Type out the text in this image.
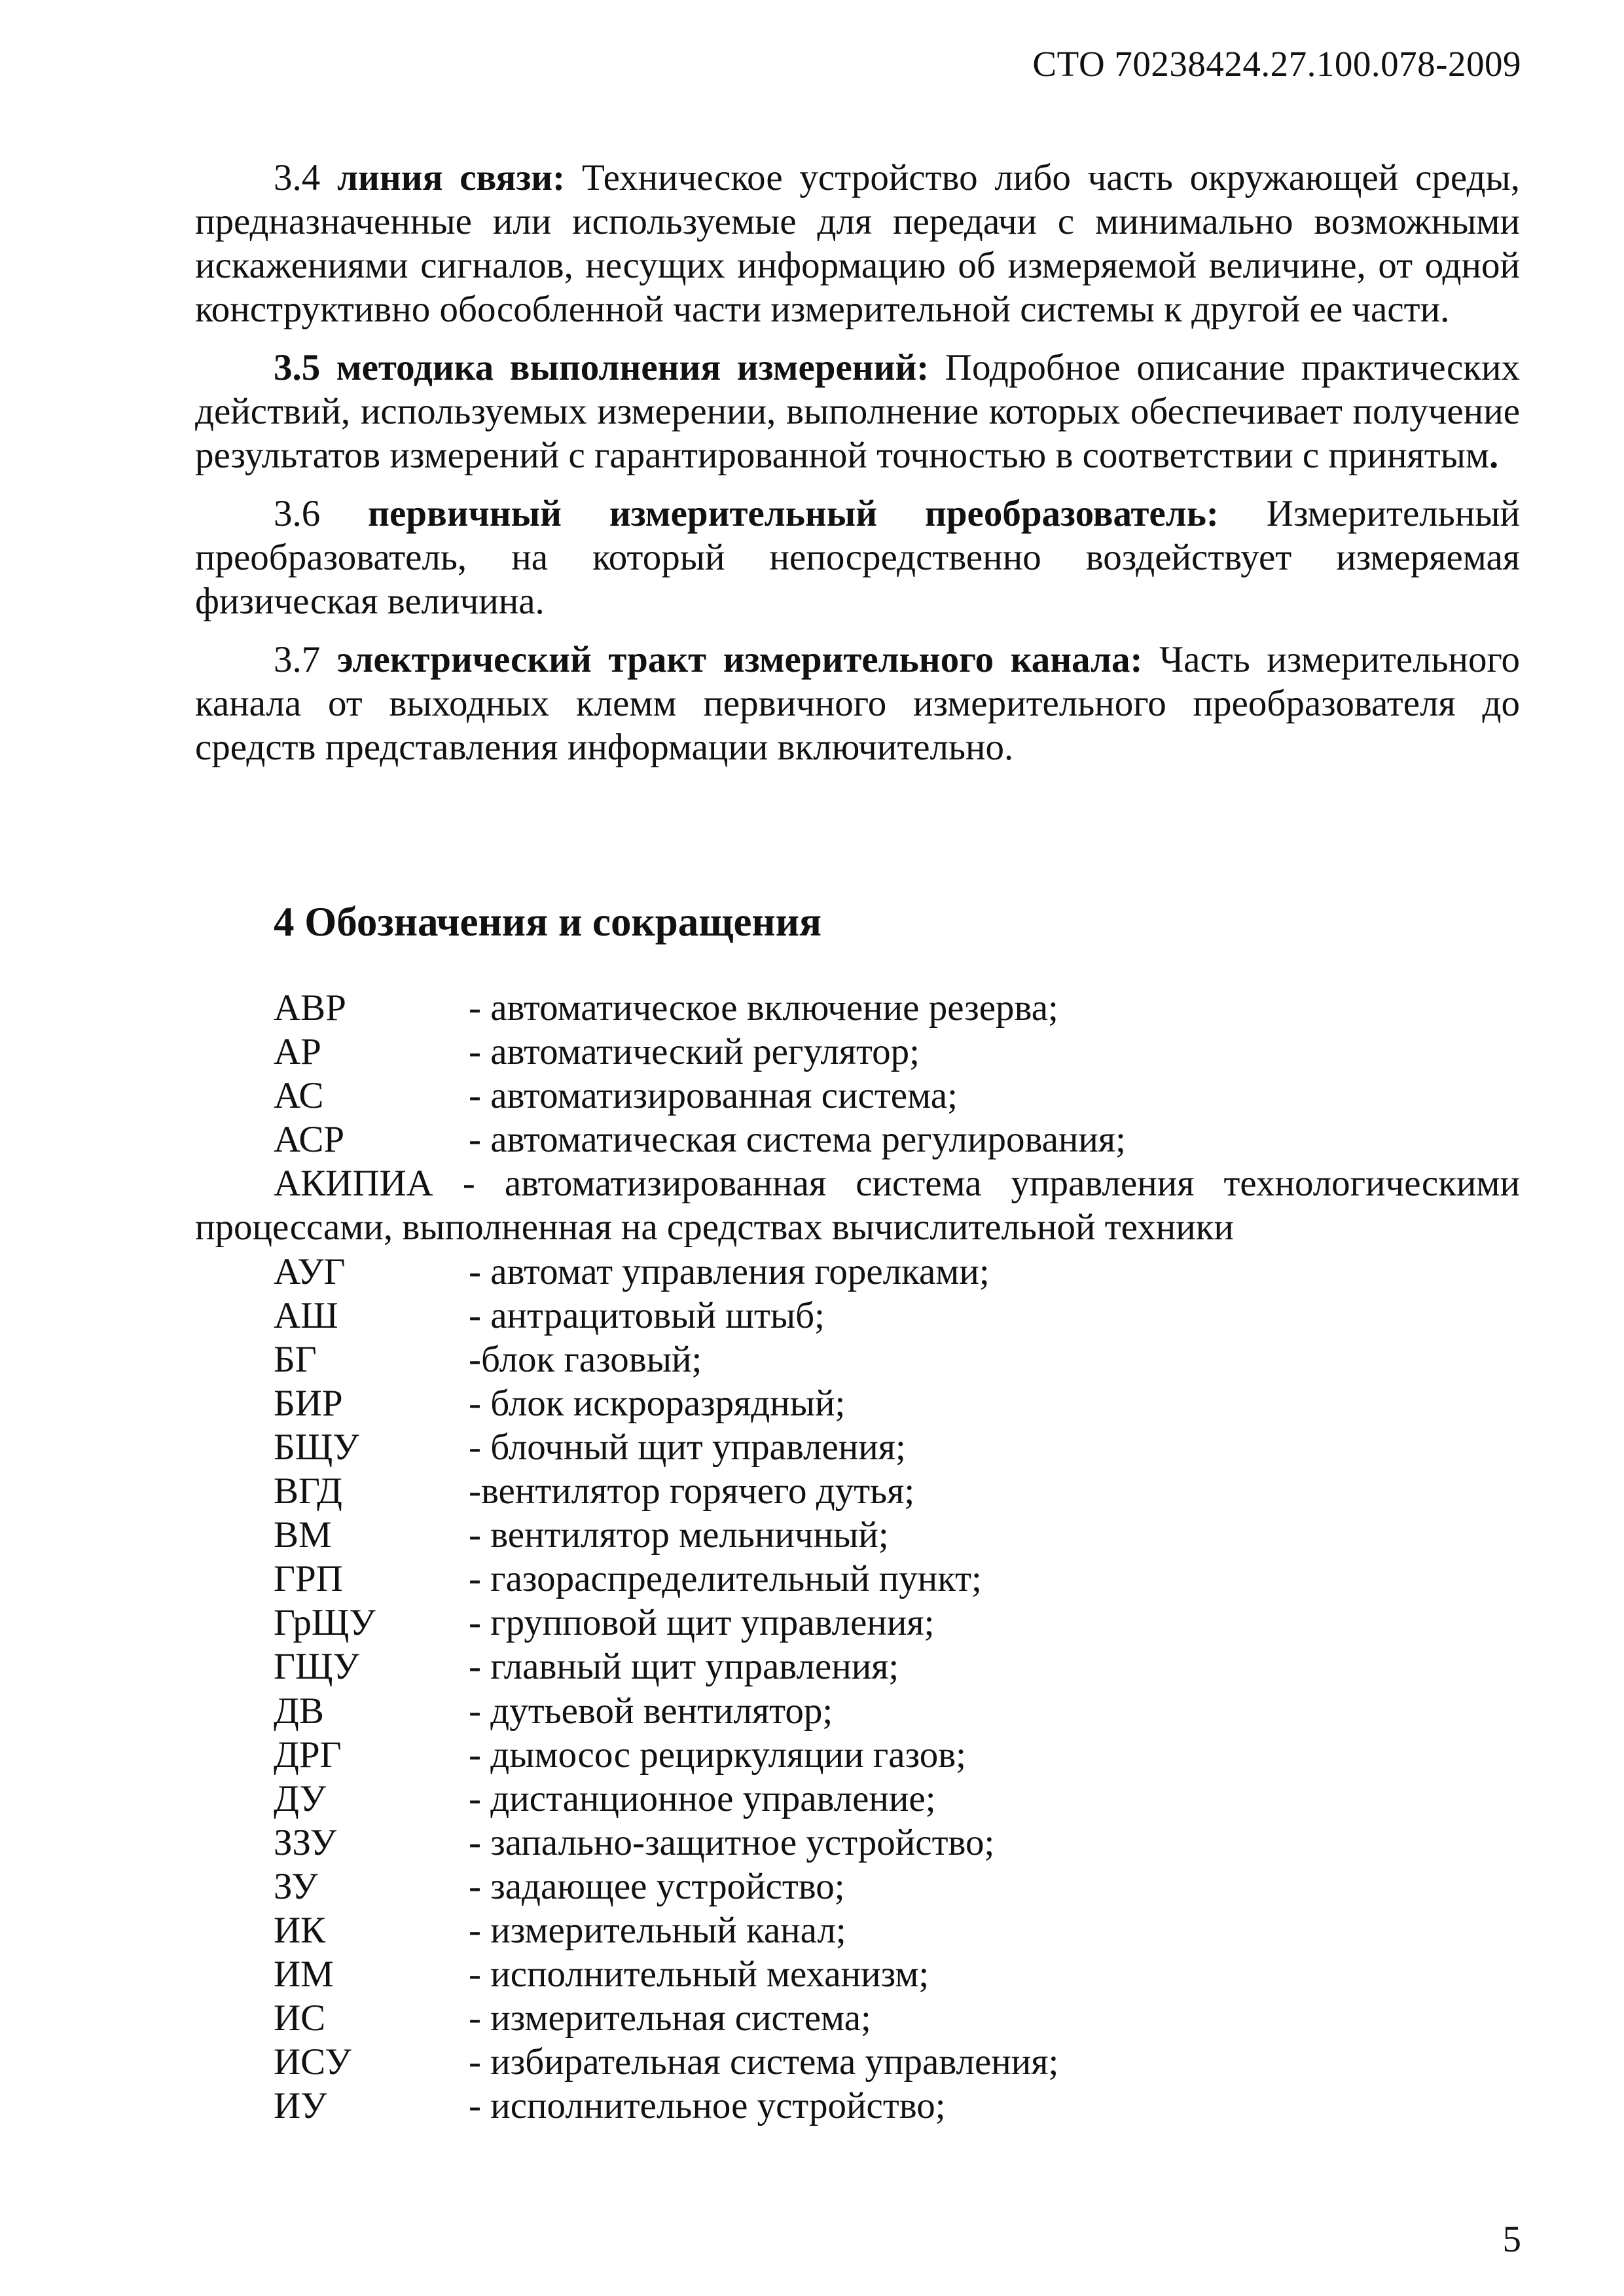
СТО 70238424.27.100.078-2009

3.4 линия связи: Техническое устройство либо часть окружающей среды, предназначенные или используемые для передачи с минимально возможными искажениями сигналов, несущих информацию об измеряемой величине, от одной конструктивно обособленной части измерительной системы к другой ее части.

3.5 методика выполнения измерений: Подробное описание практических действий, используемых измерении, выполнение которых обеспечивает получение результатов измерений с гарантированной точностью в соответствии с принятым.

3.6 первичный измерительный преобразователь: Измерительный преобразователь, на который непосредственно воздействует измеряемая физическая величина.

3.7 электрический тракт измерительного канала: Часть измерительного канала от выходных клемм первичного измерительного преобразователя до средств представления информации включительно.

4 Обозначения и сокращения
АВР	- автоматическое включение резерва;
АР	- автоматический регулятор;
АС	- автоматизированная система;
АСР	- автоматическая система регулирования;
АКИПИА - автоматизированная система управления технологическими процессами, выполненная на средствах вычислительной техники
АУГ	- автомат управления горелками;
АШ	- антрацитовый штыб;
БГ	-блок газовый;
БИР	- блок искроразрядный;
БЩУ	- блочный щит управления;
ВГД	-вентилятор горячего дутья;
ВМ	- вентилятор мельничный;
ГРП	- газораспределительный пункт;
ГрЩУ	- групповой щит управления;
ГЩУ	- главный щит управления;
ДВ	- дутьевой вентилятор;
ДРГ	- дымосос рециркуляции газов;
ДУ	- дистанционное управление;
ЗЗУ	- запально-защитное устройство;
ЗУ	- задающее устройство;
ИК	- измерительный канал;
ИМ	- исполнительный механизм;
ИС	- измерительная система;
ИСУ	- избирательная система управления;
ИУ	- исполнительное устройство;
5
